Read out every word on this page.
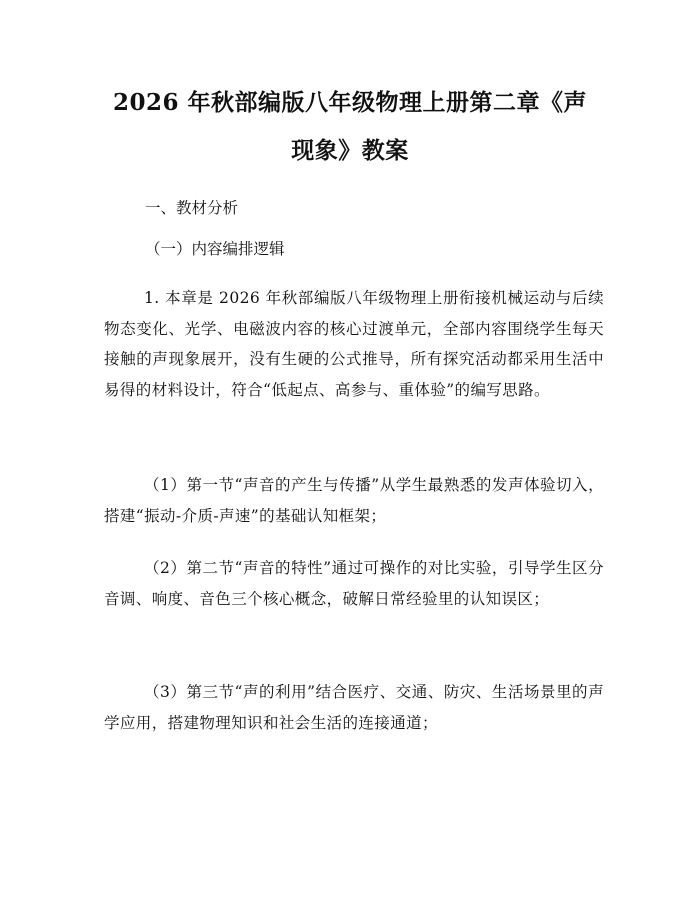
2026 年秋部编版八年级物理上册第二章《声
现象》教案
一、教材分析
（一）内容编排逻辑

1. 本章是 2026 年秋部编版八年级物理上册衔接机械运动与后续物态变化、光学、电磁波内容的核心过渡单元，全部内容围绕学生每天接触的声现象展开，没有生硬的公式推导，所有探究活动都采用生活中易得的材料设计，符合“低起点、高参与、重体验”的编写思路。

（1）第一节“声音的产生与传播”从学生最熟悉的发声体验切入，搭建“振动-介质-声速”的基础认知框架；

（2）第二节“声音的特性”通过可操作的对比实验，引导学生区分音调、响度、音色三个核心概念，破解日常经验里的认知误区；

（3）第三节“声的利用”结合医疗、交通、防灾、生活场景里的声学应用，搭建物理知识和社会生活的连接通道；
